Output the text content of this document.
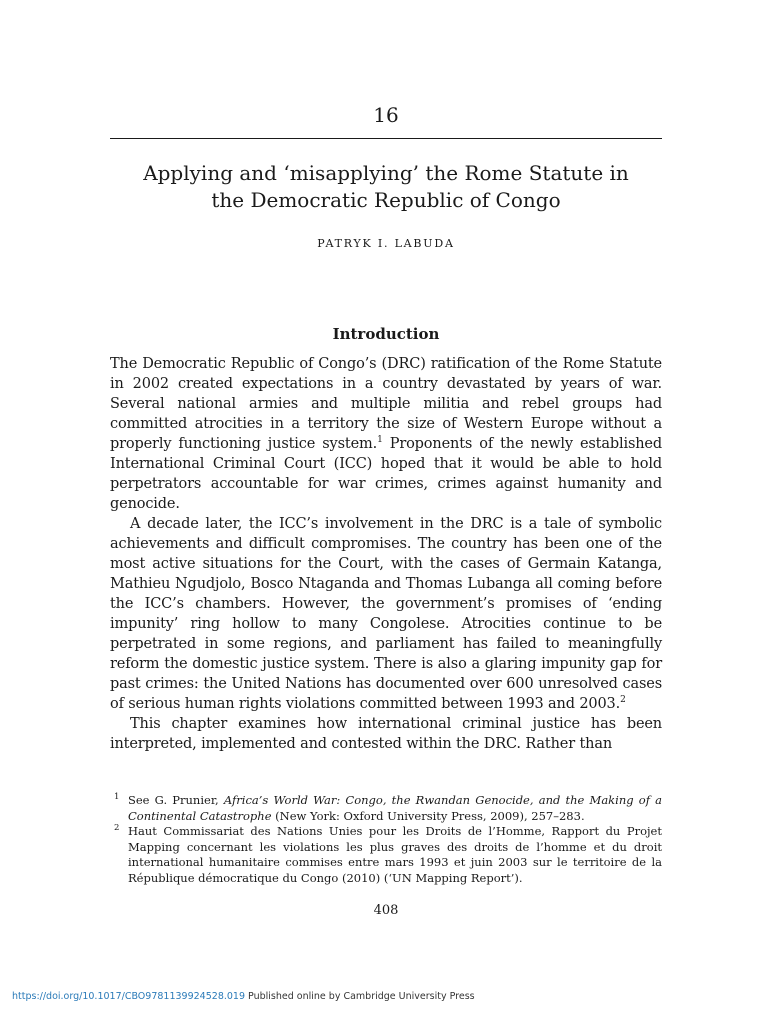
16
Applying and ‘misapplying’ the Rome Statute in
the Democratic Republic of Congo
PATRYK I. LABUDA
Introduction

The Democratic Republic of Congo’s (DRC) ratification of the Rome Statute in 2002 created expectations in a country devastated by years of war. Several national armies and multiple militia and rebel groups had committed atrocities in a territory the size of Western Europe without a properly functioning justice system.$^1$ Proponents of the newly established International Criminal Court (ICC) hoped that it would be able to hold perpetrators accountable for war crimes, crimes against humanity and genocide.

A decade later, the ICC’s involvement in the DRC is a tale of symbolic achievements and difficult compromises. The country has been one of the most active situations for the Court, with the cases of Germain Katanga, Mathieu Ngudjolo, Bosco Ntaganda and Thomas Lubanga all coming before the ICC’s chambers. However, the government’s promises of ‘ending impunity’ ring hollow to many Congolese. Atrocities continue to be perpetrated in some regions, and parliament has failed to meaningfully reform the domestic justice system. There is also a glaring impunity gap for past crimes: the United Nations has documented over 600 unresolved cases of serious human rights violations committed between 1993 and 2003.$^2$

This chapter examines how international criminal justice has been interpreted, implemented and contested within the DRC. Rather than

1 See G. Prunier, Africa’s World War: Congo, the Rwandan Genocide, and the Making of a Continental Catastrophe (New York: Oxford University Press, 2009), 257–283.

2 Haut Commissariat des Nations Unies pour les Droits de l’Homme, Rapport du Projet Mapping concernant les violations les plus graves des droits de l’homme et du droit international humanitaire commises entre mars 1993 et juin 2003 sur le territoire de la République démocratique du Congo (2010) (‘UN Mapping Report’).

408
https://doi.org/10.1017/CBO9781139924528.019 Published online by Cambridge University Press
